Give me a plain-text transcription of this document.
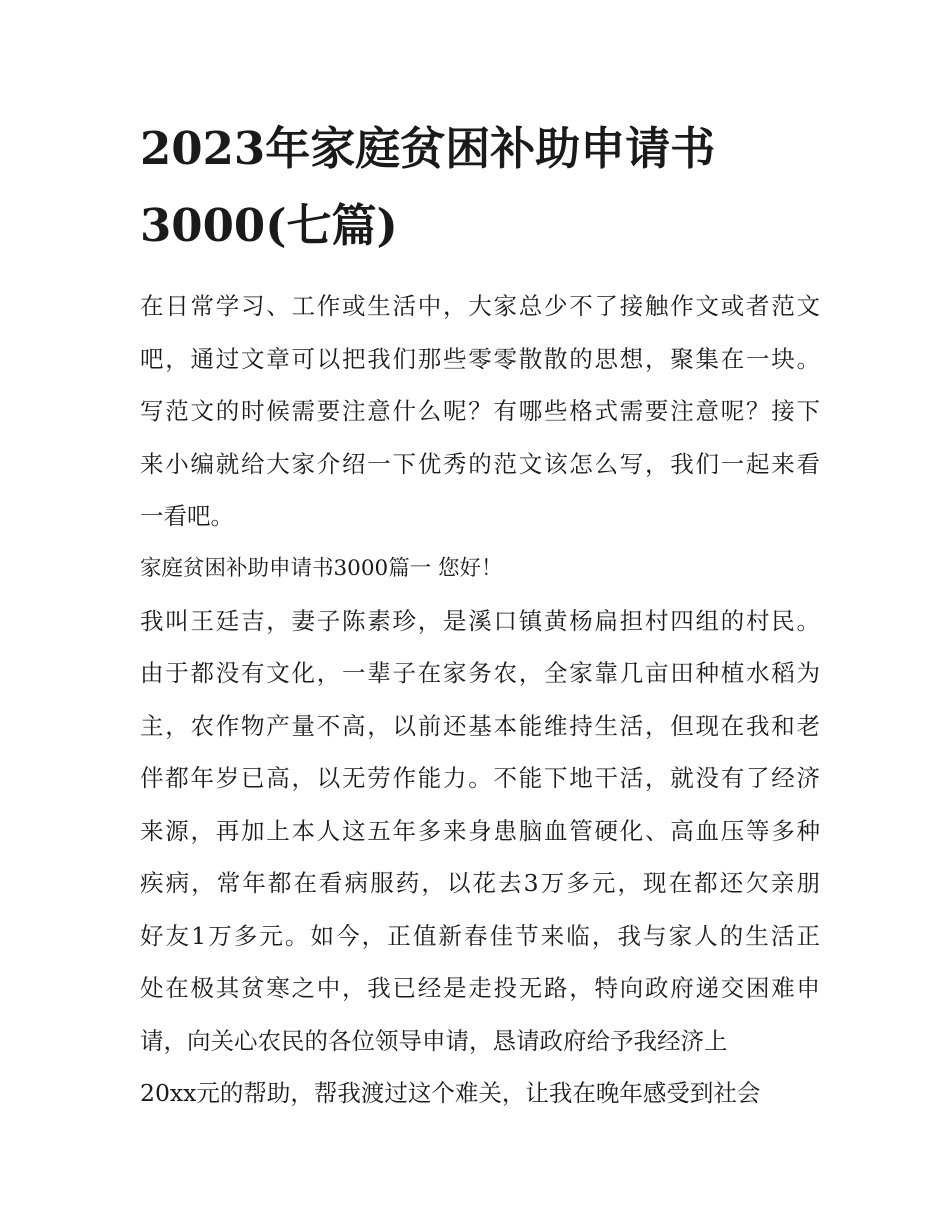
2023年家庭贫困补助申请书
3000(七篇)
在日常学习、工作或生活中，大家总少不了接触作文或者范文
吧，通过文章可以把我们那些零零散散的思想，聚集在一块。
写范文的时候需要注意什么呢？有哪些格式需要注意呢？接下
来小编就给大家介绍一下优秀的范文该怎么写，我们一起来看
一看吧。
家庭贫困补助申请书3000篇一 您好！
我叫王廷吉，妻子陈素珍，是溪口镇黄杨扁担村四组的村民。
由于都没有文化，一辈子在家务农，全家靠几亩田种植水稻为
主，农作物产量不高，以前还基本能维持生活，但现在我和老
伴都年岁已高，以无劳作能力。不能下地干活，就没有了经济
来源，再加上本人这五年多来身患脑血管硬化、高血压等多种
疾病，常年都在看病服药，以花去3万多元，现在都还欠亲朋
好友1万多元。如今，正值新春佳节来临，我与家人的生活正
处在极其贫寒之中，我已经是走投无路，特向政府递交困难申
请，向关心农民的各位领导申请，恳请政府给予我经济上
20xx元的帮助，帮我渡过这个难关，让我在晚年感受到社会
